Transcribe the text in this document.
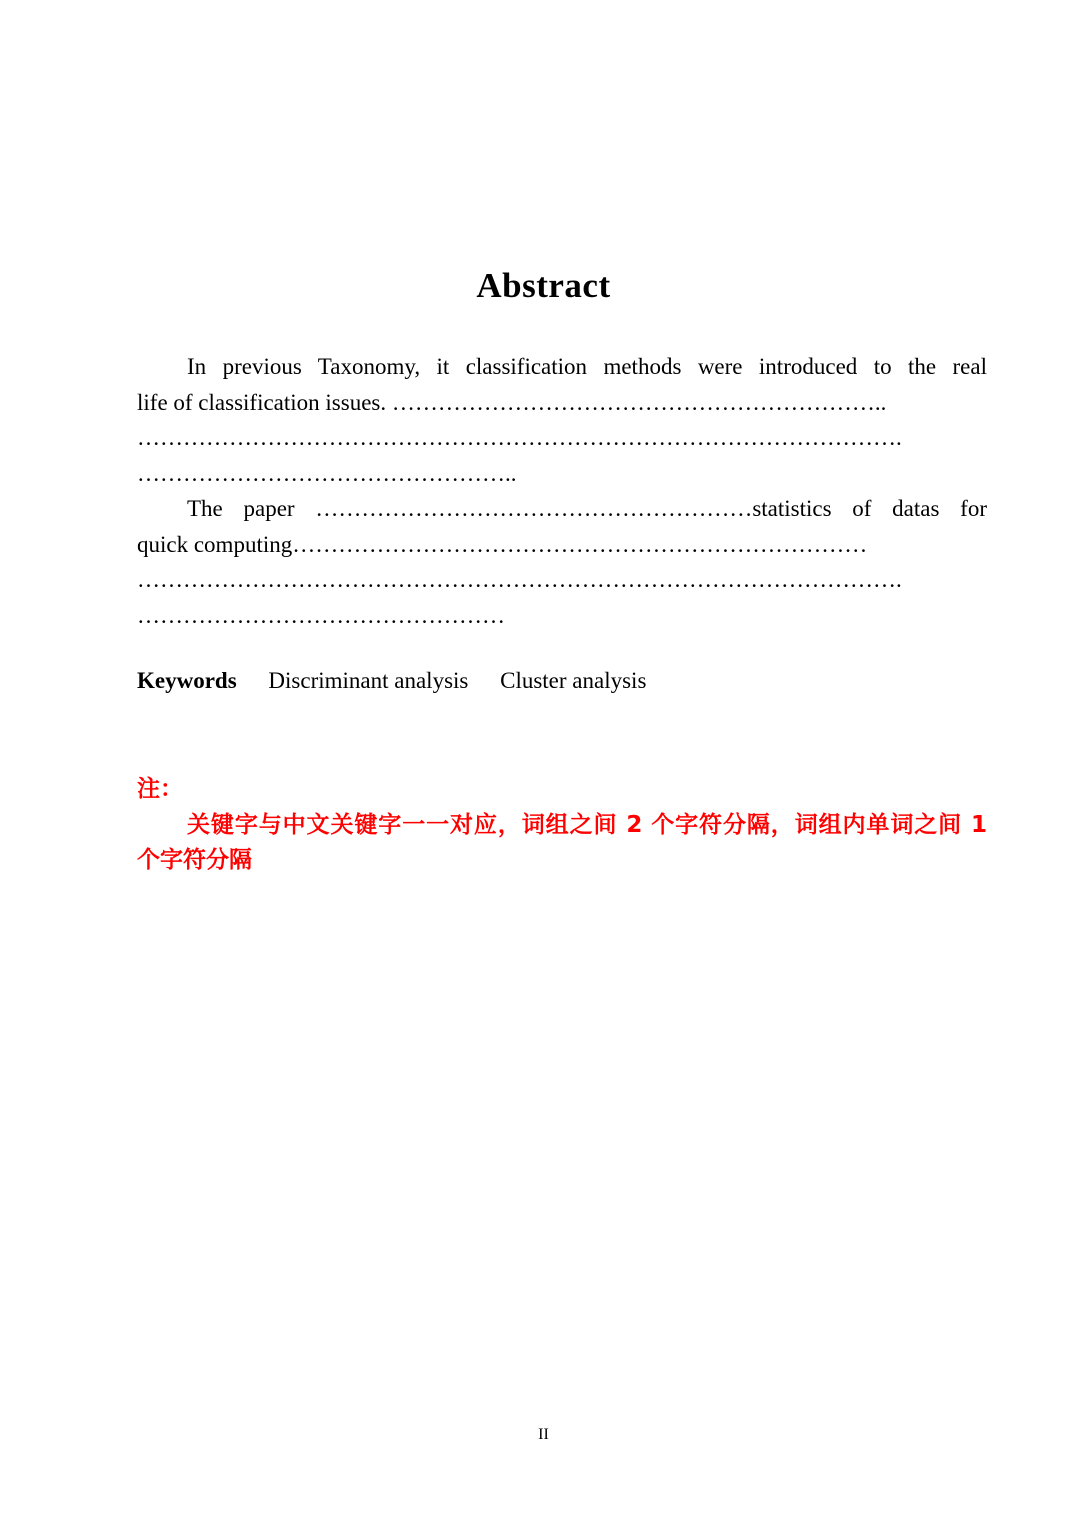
Abstract

In previous Taxonomy, it classification methods were introduced to the real
life of classification issues. ………………………………………………………..
……………………………………………………………………………………….
…………………………………………..

The paper …………………………………………………statistics of datas for
quick computing…………………………………………………………………
……………………………………………………………………………………….
…………………………………………

Keywords Discriminant analysis Cluster analysis

注：

关键字与中文关键字一一对应，词组之间 2 个字符分隔，词组内单词之间 1 个字符分隔

II
